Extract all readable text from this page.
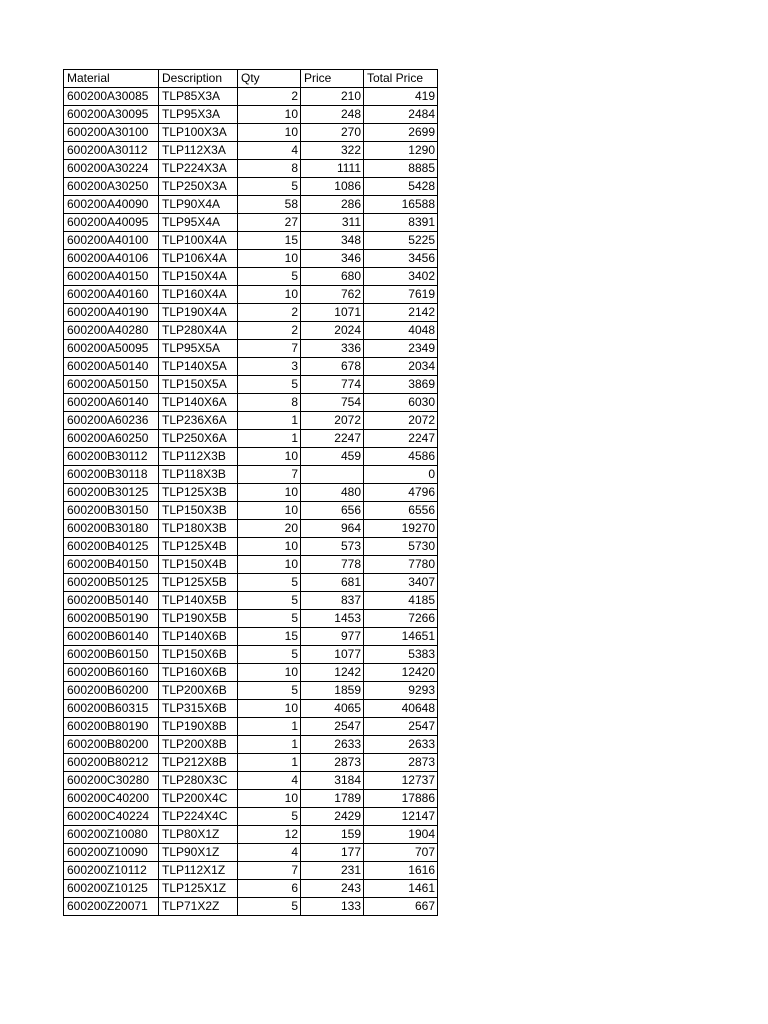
Material	Description	Qty	Price	Total Price
600200A30085	TLP85X3A	2	210	419
600200A30095	TLP95X3A	10	248	2484
600200A30100	TLP100X3A	10	270	2699
600200A30112	TLP112X3A	4	322	1290
600200A30224	TLP224X3A	8	1111	8885
600200A30250	TLP250X3A	5	1086	5428
600200A40090	TLP90X4A	58	286	16588
600200A40095	TLP95X4A	27	311	8391
600200A40100	TLP100X4A	15	348	5225
600200A40106	TLP106X4A	10	346	3456
600200A40150	TLP150X4A	5	680	3402
600200A40160	TLP160X4A	10	762	7619
600200A40190	TLP190X4A	2	1071	2142
600200A40280	TLP280X4A	2	2024	4048
600200A50095	TLP95X5A	7	336	2349
600200A50140	TLP140X5A	3	678	2034
600200A50150	TLP150X5A	5	774	3869
600200A60140	TLP140X6A	8	754	6030
600200A60236	TLP236X6A	1	2072	2072
600200A60250	TLP250X6A	1	2247	2247
600200B30112	TLP112X3B	10	459	4586
600200B30118	TLP118X3B	7		0
600200B30125	TLP125X3B	10	480	4796
600200B30150	TLP150X3B	10	656	6556
600200B30180	TLP180X3B	20	964	19270
600200B40125	TLP125X4B	10	573	5730
600200B40150	TLP150X4B	10	778	7780
600200B50125	TLP125X5B	5	681	3407
600200B50140	TLP140X5B	5	837	4185
600200B50190	TLP190X5B	5	1453	7266
600200B60140	TLP140X6B	15	977	14651
600200B60150	TLP150X6B	5	1077	5383
600200B60160	TLP160X6B	10	1242	12420
600200B60200	TLP200X6B	5	1859	9293
600200B60315	TLP315X6B	10	4065	40648
600200B80190	TLP190X8B	1	2547	2547
600200B80200	TLP200X8B	1	2633	2633
600200B80212	TLP212X8B	1	2873	2873
600200C30280	TLP280X3C	4	3184	12737
600200C40200	TLP200X4C	10	1789	17886
600200C40224	TLP224X4C	5	2429	12147
600200Z10080	TLP80X1Z	12	159	1904
600200Z10090	TLP90X1Z	4	177	707
600200Z10112	TLP112X1Z	7	231	1616
600200Z10125	TLP125X1Z	6	243	1461
600200Z20071	TLP71X2Z	5	133	667
